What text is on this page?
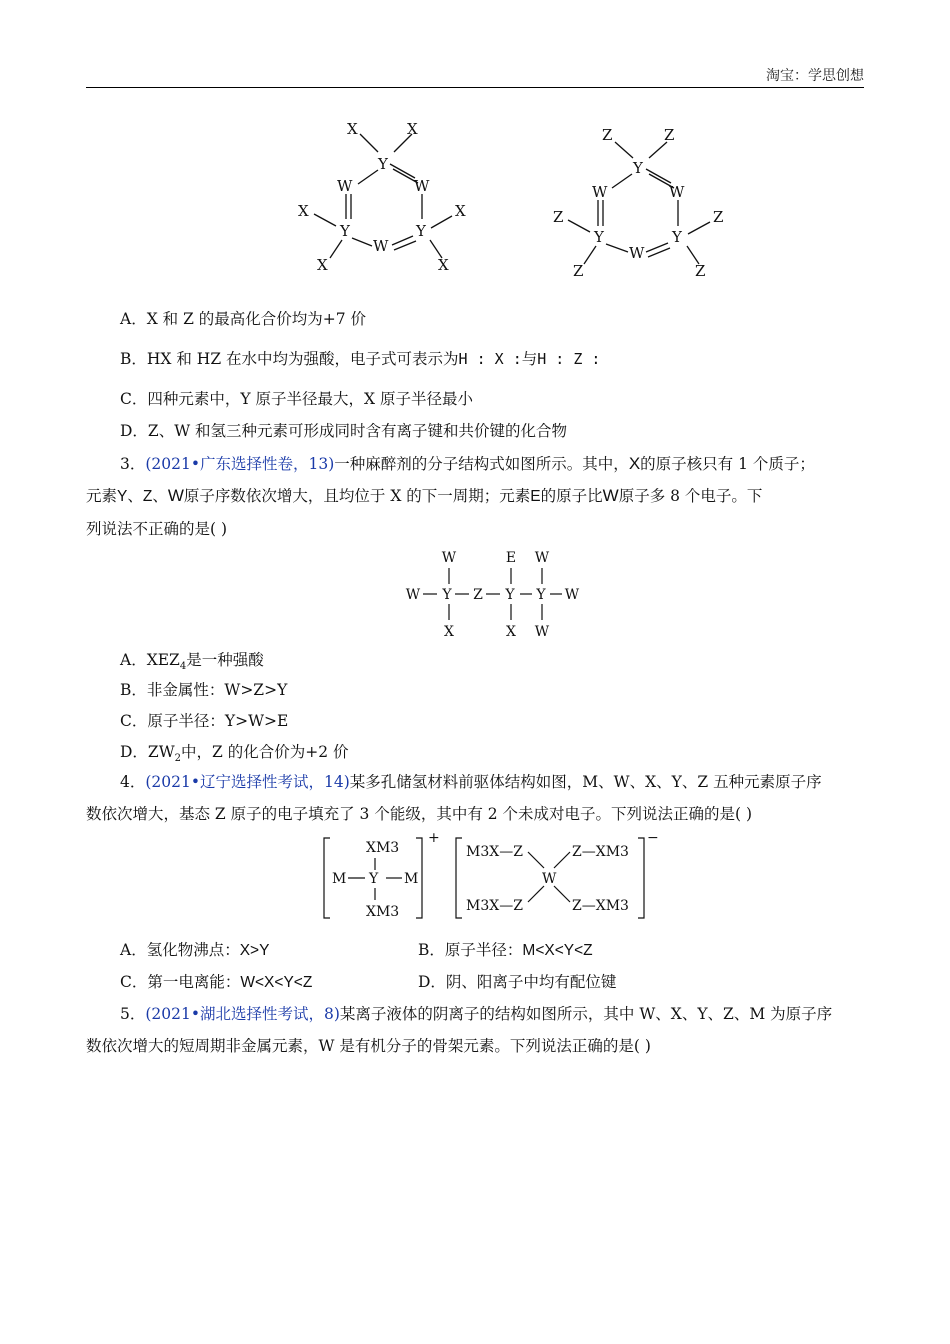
淘宝：学思创想
X	X
Y
W	W
X
Y
W
Y
X
X	X
Z	Z
Y
W	W
Z
Y
W
Y
Z
Z	Z
A．X 和 Z 的最高化合价均为+7 价
B．HX 和 HZ 在水中均为强酸，电子式可表示为H : X :与H : Z :
C．四种元素中，Y 原子半径最大，X 原子半径最小
D．Z、W 和氢三种元素可形成同时含有离子键和共价键的化合物
3．(2021•广东选择性卷，13)一种麻醉剂的分子结构式如图所示。其中，X的原子核只有 1 个质子；
元素Y、Z、W原子序数依次增大，且均位于 X 的下一周期；元素E的原子比W原子多 8 个电子。下
列说法不正确的是( )
W	E W
W Y Z Y Y W
X	X W
A．$XEZ_4$是一种强酸
B．非金属性：W>Z>Y
C．原子半径：Y>W>E
D．$ZW_2$中，Z 的化合价为+2 价
4．(2021•辽宁选择性考试，14)某多孔储氢材料前驱体结构如图，M、W、X、Y、Z 五种元素原子序
数依次增大，基态 Z 原子的电子填充了 3 个能级，其中有 2 个未成对电子。下列说法正确的是( )
XM3
M Y M
XM3
+
M3X—Z	Z—XM3
W
M3X—Z	Z—XM3
−
A．氢化物沸点：X>Y	B．原子半径：M<X<Y<Z
C．第一电离能：W<X<Y<Z	D．阴、阳离子中均有配位键
5．(2021•湖北选择性考试，8)某离子液体的阴离子的结构如图所示，其中 W、X、Y、Z、M 为原子序
数依次增大的短周期非金属元素，W 是有机分子的骨架元素。下列说法正确的是( )
